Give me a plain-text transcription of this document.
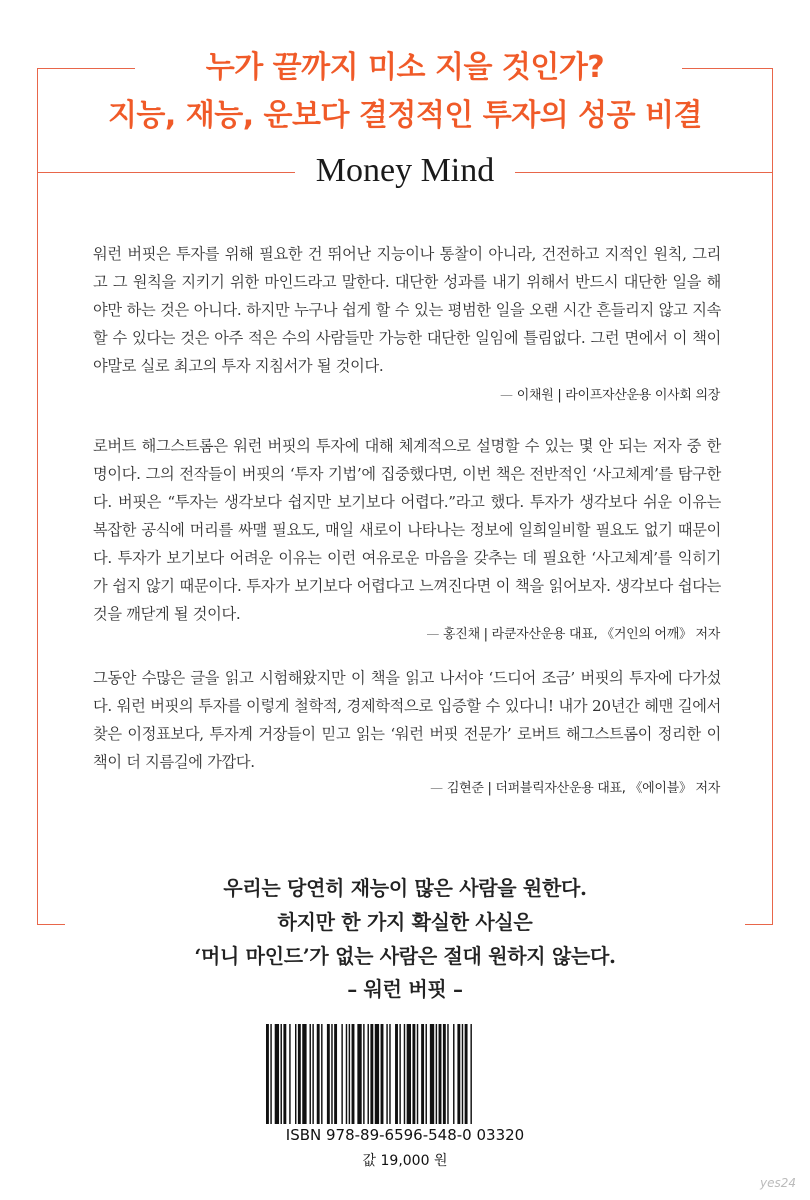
누가 끝까지 미소 지을 것인가?
지능, 재능, 운보다 결정적인 투자의 성공 비결
Money Mind

워런 버핏은 투자를 위해 필요한 건 뛰어난 지능이나 통찰이 아니라, 건전하고 지적인 원칙, 그리고 그 원칙을 지키기 위한 마인드라고 말한다. 대단한 성과를 내기 위해서 반드시 대단한 일을 해야만 하는 것은 아니다. 하지만 누구나 쉽게 할 수 있는 평범한 일을 오랜 시간 흔들리지 않고 지속할 수 있다는 것은 아주 적은 수의 사람들만 가능한 대단한 일임에 틀림없다. 그런 면에서 이 책이야말로 실로 최고의 투자 지침서가 될 것이다.

— 이채원 | 라이프자산운용 이사회 의장

로버트 해그스트롬은 워런 버핏의 투자에 대해 체계적으로 설명할 수 있는 몇 안 되는 저자 중 한 명이다. 그의 전작들이 버핏의 ‘투자 기법’에 집중했다면, 이번 책은 전반적인 ‘사고체계’를 탐구한다. 버핏은 “투자는 생각보다 쉽지만 보기보다 어렵다.”라고 했다. 투자가 생각보다 쉬운 이유는 복잡한 공식에 머리를 싸맬 필요도, 매일 새로이 나타나는 정보에 일희일비할 필요도 없기 때문이다. 투자가 보기보다 어려운 이유는 이런 여유로운 마음을 갖추는 데 필요한 ‘사고체계’를 익히기가 쉽지 않기 때문이다. 투자가 보기보다 어렵다고 느껴진다면 이 책을 읽어보자. 생각보다 쉽다는 것을 깨닫게 될 것이다.

— 홍진채 | 라쿤자산운용 대표, 《거인의 어깨》 저자

그동안 수많은 글을 읽고 시험해왔지만 이 책을 읽고 나서야 ‘드디어 조금’ 버핏의 투자에 다가섰다. 워런 버핏의 투자를 이렇게 철학적, 경제학적으로 입증할 수 있다니! 내가 20년간 헤맨 길에서 찾은 이정표보다, 투자계 거장들이 믿고 읽는 ‘워런 버핏 전문가’ 로버트 해그스트롬이 정리한 이 책이 더 지름길에 가깝다.

— 김현준 | 더퍼블릭자산운용 대표, 《에이블》 저자

우리는 당연히 재능이 많은 사람을 원한다.

하지만 한 가지 확실한 사실은

‘머니 마인드’가 없는 사람은 절대 원하지 않는다.

– 워런 버핏 –

ISBN 978-89-6596-548-0 03320
값 19,000 원
yes24
